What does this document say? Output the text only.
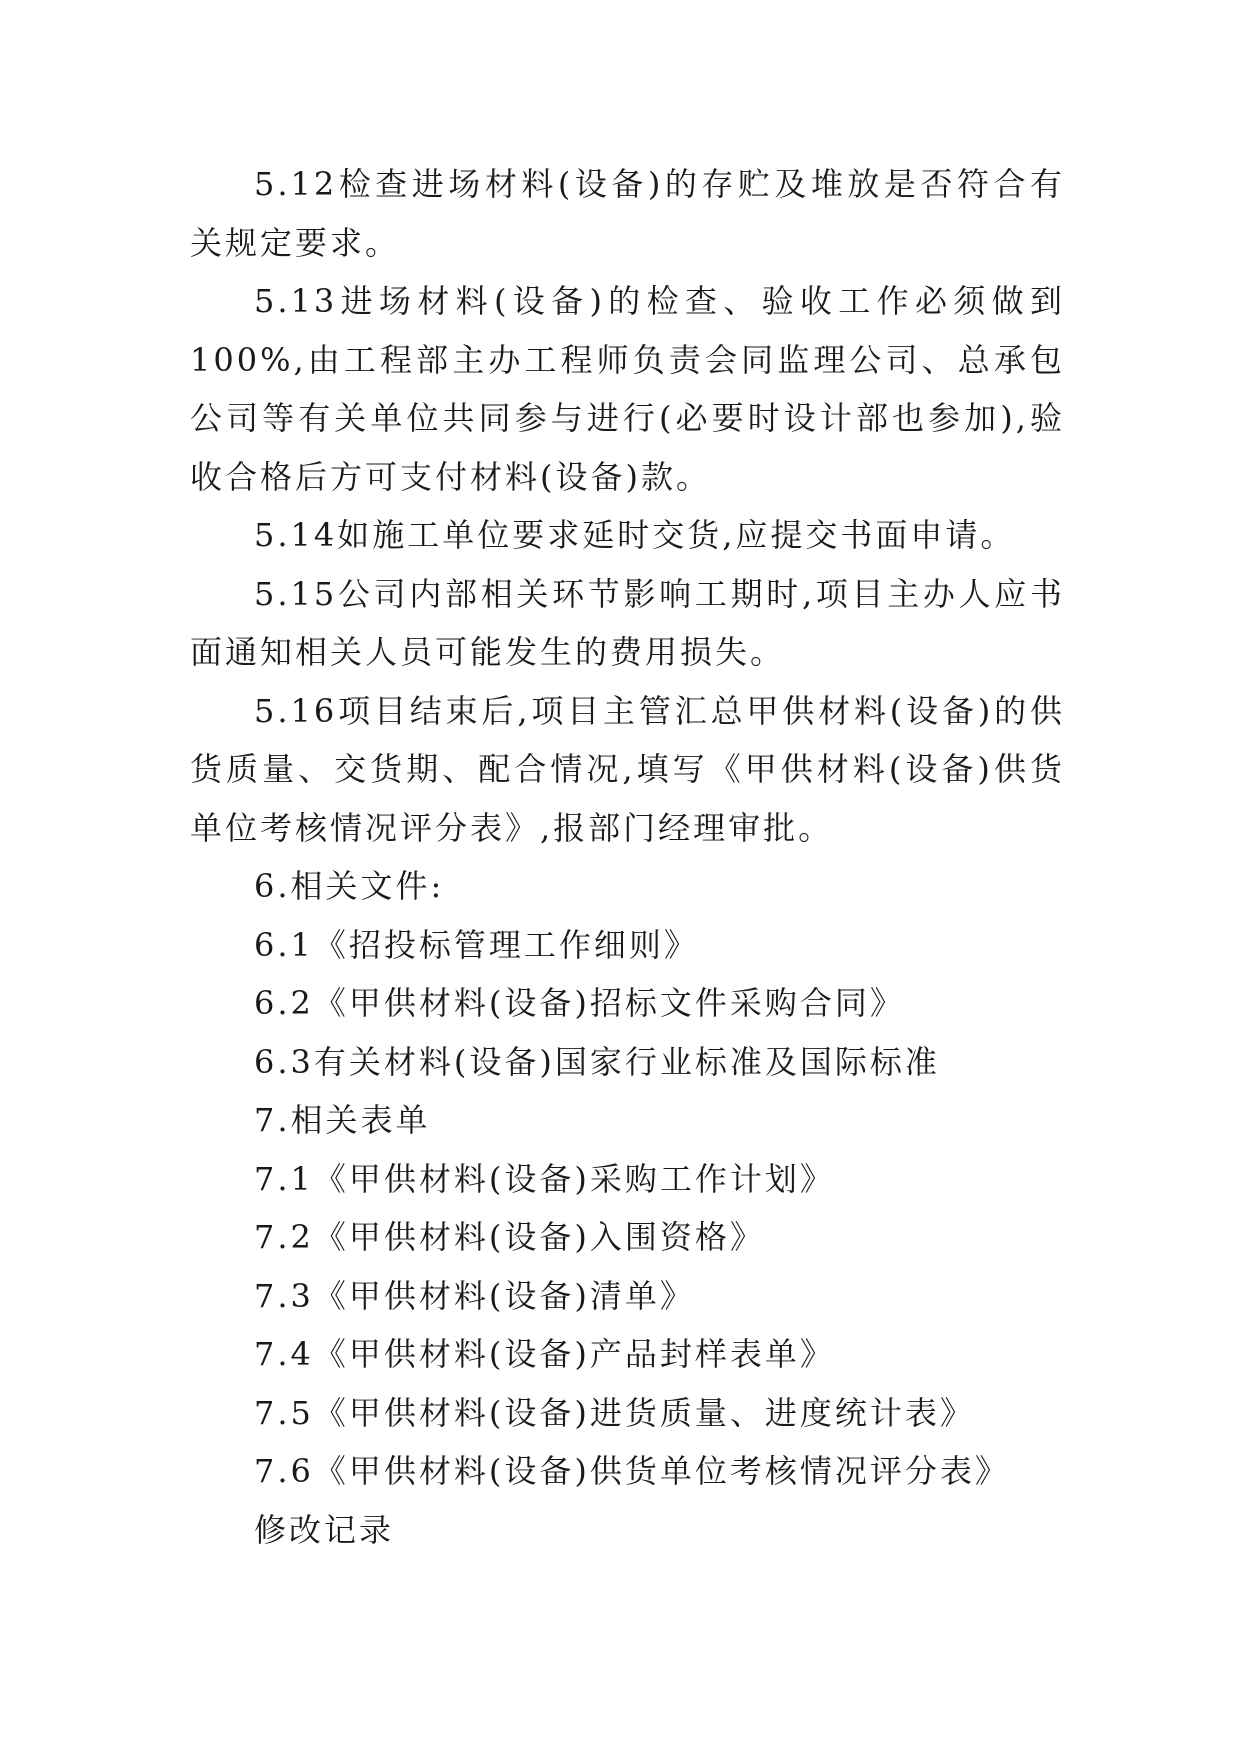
5.12检查进场材料(设备)的存贮及堆放是否符合有关规定要求。

5.13进场材料(设备)的检查、验收工作必须做到100%,由工程部主办工程师负责会同监理公司、总承包公司等有关单位共同参与进行(必要时设计部也参加),验收合格后方可支付材料(设备)款。

5.14如施工单位要求延时交货,应提交书面申请。

5.15公司内部相关环节影响工期时,项目主办人应书面通知相关人员可能发生的费用损失。

5.16项目结束后,项目主管汇总甲供材料(设备)的供货质量、交货期、配合情况,填写《甲供材料(设备)供货单位考核情况评分表》,报部门经理审批。

6.相关文件:

6.1《招投标管理工作细则》

6.2《甲供材料(设备)招标文件采购合同》

6.3有关材料(设备)国家行业标准及国际标准

7.相关表单

7.1《甲供材料(设备)采购工作计划》

7.2《甲供材料(设备)入围资格》

7.3《甲供材料(设备)清单》

7.4《甲供材料(设备)产品封样表单》

7.5《甲供材料(设备)进货质量、进度统计表》

7.6《甲供材料(设备)供货单位考核情况评分表》

修改记录
